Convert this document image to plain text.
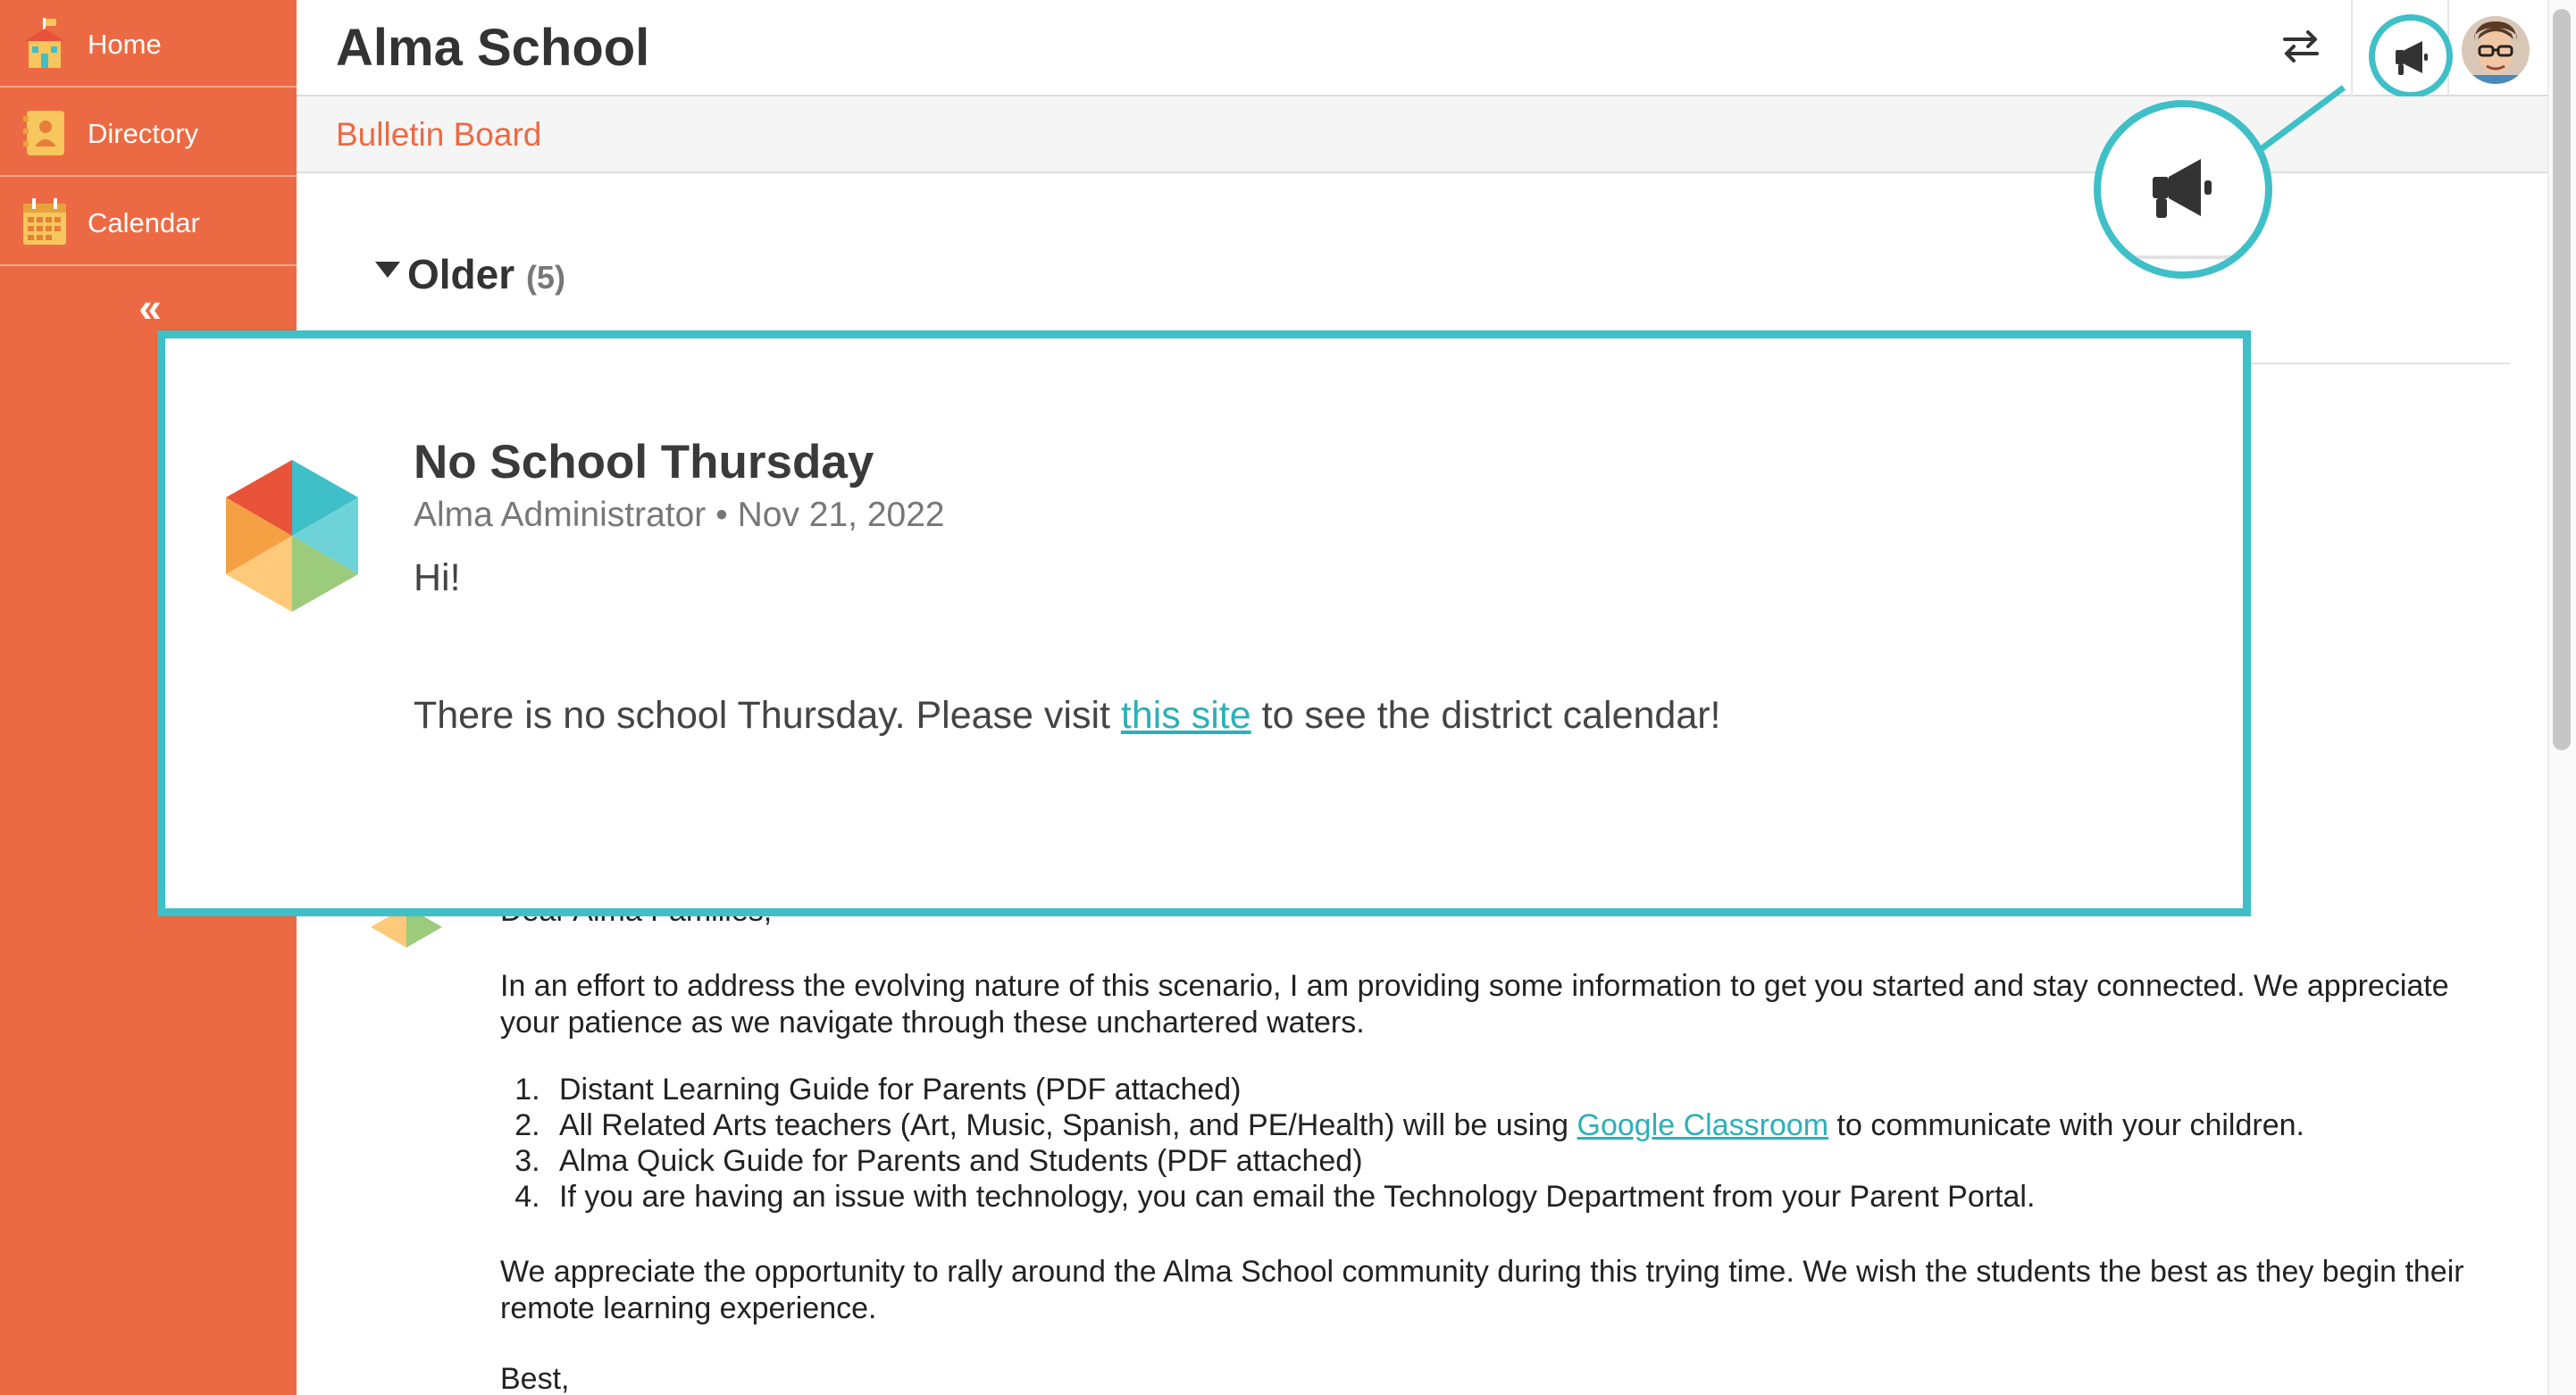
Home
Directory
Calendar
«
Alma School
Bulletin Board
Older (5)
In an effort to address the evolving nature of this scenario, I am providing some information to get you started and stay connected. We appreciate your patience as we navigate through these unchartered waters.
1. Distant Learning Guide for Parents (PDF attached)
2. All Related Arts teachers (Art, Music, Spanish, and PE/Health) will be using Google Classroom to communicate with your children.
3. Alma Quick Guide for Parents and Students (PDF attached)
4. If you are having an issue with technology, you can email the Technology Department from your Parent Portal.
We appreciate the opportunity to rally around the Alma School community during this trying time. We wish the students the best as they begin their remote learning experience.
Best,
No School Thursday
Alma Administrator • Nov 21, 2022
Hi!
There is no school Thursday. Please visit this site to see the district calendar!
